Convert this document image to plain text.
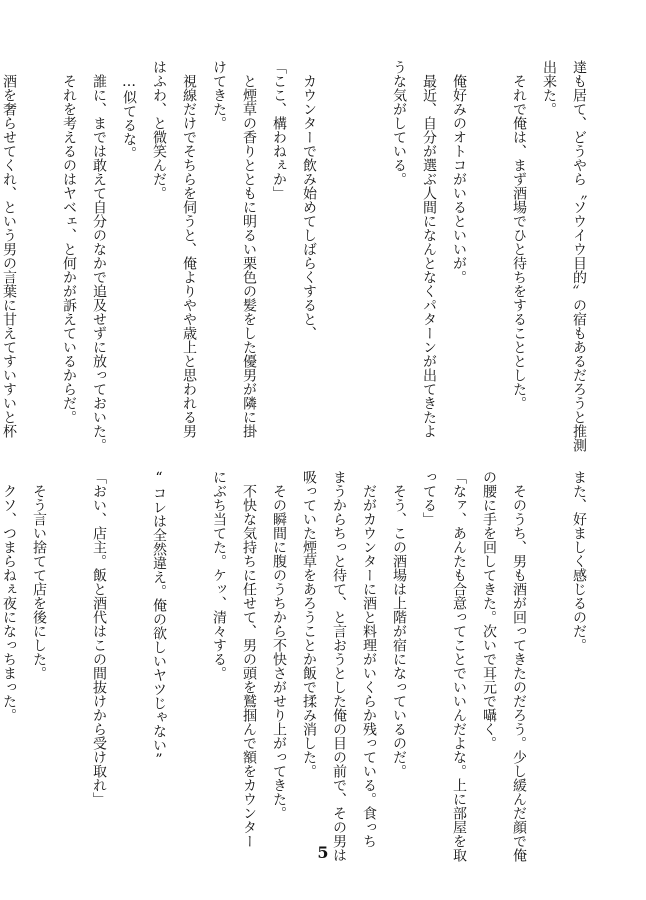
達も居て、どうやら〝ソウイウ目的〟の宿もあるだろうと推測
出来た。
　それで俺は、まず酒場でひと待ちをすることとした。

　俺好みのオトコがいるといいが。
　最近、自分が選ぶ人間になんとなくパターンが出てきたよ
うな気がしている。

　カウンターで飲み始めてしばらくすると、
「ここ、構わねぇか」
　と煙草の香りとともに明るい栗色の髪をした優男が隣に掛
けてきた。
　視線だけでそちらを伺うと、俺よりやや歳上と思われる男
はふわ、と微笑んだ。
　…似てるな。
　誰に、までは敢えて自分のなかで追及せずに放っておいた。
　それを考えるのはヤベェ、と何かが訴えているからだ。

　酒を奢らせてくれ、という男の言葉に甘えてすいすいと杯
また、好ましく感じるのだ。

　そのうち、男も酒が回ってきたのだろう。少し緩んだ顔で俺
の腰に手を回してきた。次いで耳元で囁く。
「なァ、あんたも合意ってことでいいんだよな。上に部屋を取
ってる」
　そう、この酒場は上階が宿になっているのだ。
　だがカウンターに酒と料理がいくらか残っている。食っち
まうからちっと待て、と言おうとした俺の目の前で、その男は
吸っていた煙草をあろうことか飯で揉み消した。
　その瞬間に腹のうちから不快さがせり上がってきた。
　不快な気持ちに任せて、男の頭を鷲掴んで額をカウンター
にぶち当てた。ケッ、清々する。

“コレは全然違え。俺の欲しいヤツじゃない”

「おい、店主。飯と酒代はこの間抜けから受け取れ」

　そう言い捨てて店を後にした。
　クソ、つまらねぇ夜になっちまった。
5
